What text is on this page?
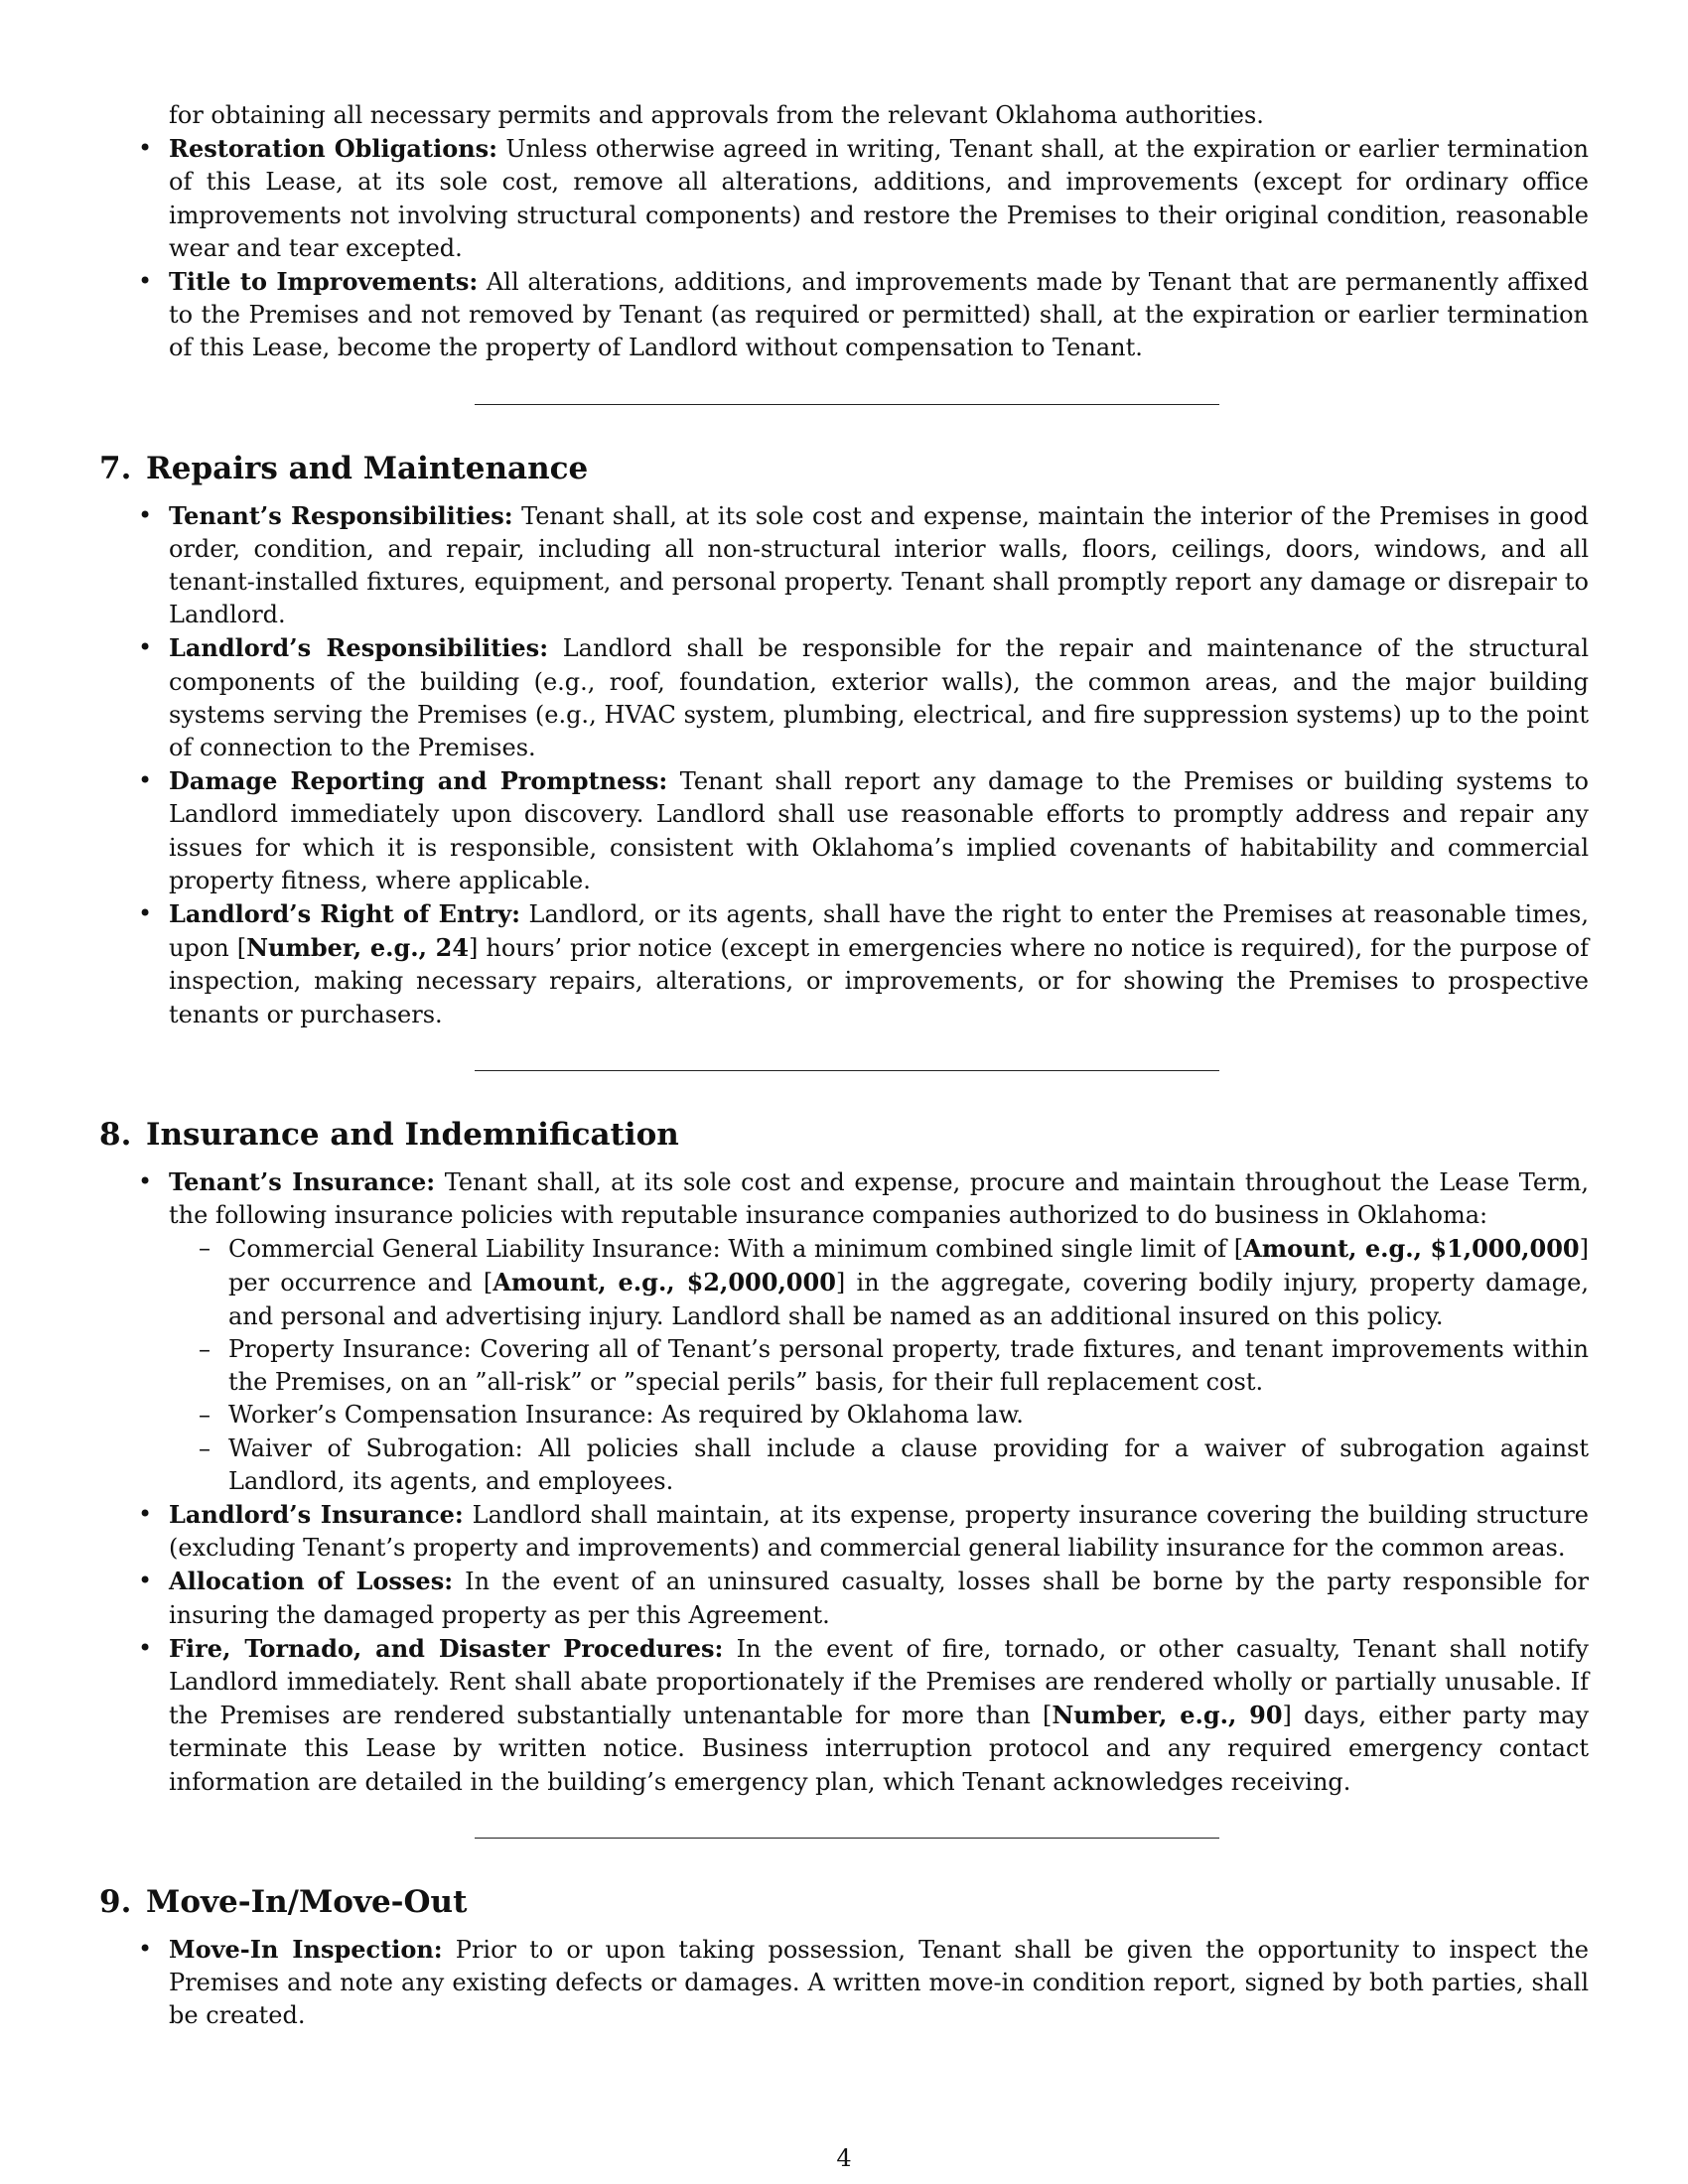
for obtaining all necessary permits and approvals from the relevant Oklahoma authorities.
• Restoration Obligations: Unless otherwise agreed in writing, Tenant shall, at the expiration or earlier termination of this Lease, at its sole cost, remove all alterations, additions, and improvements (except for ordinary office improvements not involving structural components) and restore the Premises to their original condition, reasonable wear and tear excepted.
• Title to Improvements: All alterations, additions, and improvements made by Tenant that are permanently affixed to the Premises and not removed by Tenant (as required or permitted) shall, at the expiration or earlier termination of this Lease, become the property of Landlord without compensation to Tenant.
7. Repairs and Maintenance
• Tenant’s Responsibilities: Tenant shall, at its sole cost and expense, maintain the interior of the Premises in good order, condition, and repair, including all non-structural interior walls, floors, ceilings, doors, windows, and all tenant-installed fixtures, equipment, and personal property. Tenant shall promptly report any damage or disrepair to Landlord.
• Landlord’s Responsibilities: Landlord shall be responsible for the repair and maintenance of the structural components of the building (e.g., roof, foundation, exterior walls), the common areas, and the major building systems serving the Premises (e.g., HVAC system, plumbing, electrical, and fire suppression systems) up to the point of connection to the Premises.
• Damage Reporting and Promptness: Tenant shall report any damage to the Premises or building systems to Landlord immediately upon discovery. Landlord shall use reasonable efforts to promptly address and repair any issues for which it is responsible, consistent with Oklahoma’s implied covenants of habitability and commercial property fitness, where applicable.
• Landlord’s Right of Entry: Landlord, or its agents, shall have the right to enter the Premises at reasonable times, upon [Number, e.g., 24] hours’ prior notice (except in emergencies where no notice is required), for the purpose of inspection, making necessary repairs, alterations, or improvements, or for showing the Premises to prospective tenants or purchasers.
8. Insurance and Indemnification
• Tenant’s Insurance: Tenant shall, at its sole cost and expense, procure and maintain throughout the Lease Term, the following insurance policies with reputable insurance companies authorized to do business in Oklahoma:
– Commercial General Liability Insurance: With a minimum combined single limit of [Amount, e.g., $1,000,000] per occurrence and [Amount, e.g., $2,000,000] in the aggregate, covering bodily injury, property damage, and personal and advertising injury. Landlord shall be named as an additional insured on this policy.
– Property Insurance: Covering all of Tenant’s personal property, trade fixtures, and tenant improvements within the Premises, on an ”all-risk” or ”special perils” basis, for their full replacement cost.
– Worker’s Compensation Insurance: As required by Oklahoma law.
– Waiver of Subrogation: All policies shall include a clause providing for a waiver of subrogation against Landlord, its agents, and employees.
• Landlord’s Insurance: Landlord shall maintain, at its expense, property insurance covering the building structure (excluding Tenant’s property and improvements) and commercial general liability insurance for the common areas.
• Allocation of Losses: In the event of an uninsured casualty, losses shall be borne by the party responsible for insuring the damaged property as per this Agreement.
• Fire, Tornado, and Disaster Procedures: In the event of fire, tornado, or other casualty, Tenant shall notify Landlord immediately. Rent shall abate proportionately if the Premises are rendered wholly or partially unusable. If the Premises are rendered substantially untenantable for more than [Number, e.g., 90] days, either party may terminate this Lease by written notice. Business interruption protocol and any required emergency contact information are detailed in the building’s emergency plan, which Tenant acknowledges receiving.
9. Move-In/Move-Out
• Move-In Inspection: Prior to or upon taking possession, Tenant shall be given the opportunity to inspect the Premises and note any existing defects or damages. A written move-in condition report, signed by both parties, shall be created.
4
